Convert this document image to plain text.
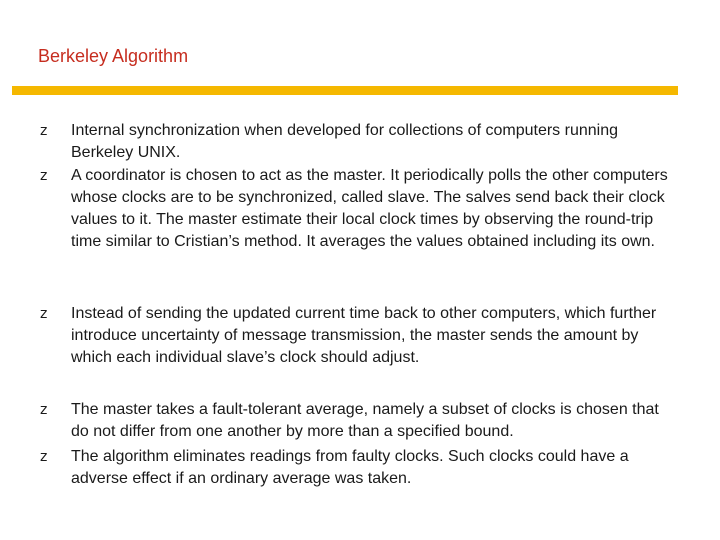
Berkeley Algorithm
z	Internal synchronization when developed for collections of computers running Berkeley UNIX.
z	A coordinator is chosen to act as the master. It periodically polls the other computers whose clocks are to be synchronized, called slave. The salves send back their clock values to it. The master estimate their local clock times by observing the round-trip time similar to Cristian’s method. It averages the values obtained including its own.
z	Instead of sending the updated current time back to other computers, which further introduce uncertainty of message transmission, the master sends the amount by which each individual slave’s clock should adjust.
z	The master takes a fault-tolerant average, namely a subset of clocks is chosen that do not differ from one another by more than a specified bound.
z	The algorithm eliminates readings from faulty clocks. Such clocks could have a adverse effect if an ordinary average was taken.
